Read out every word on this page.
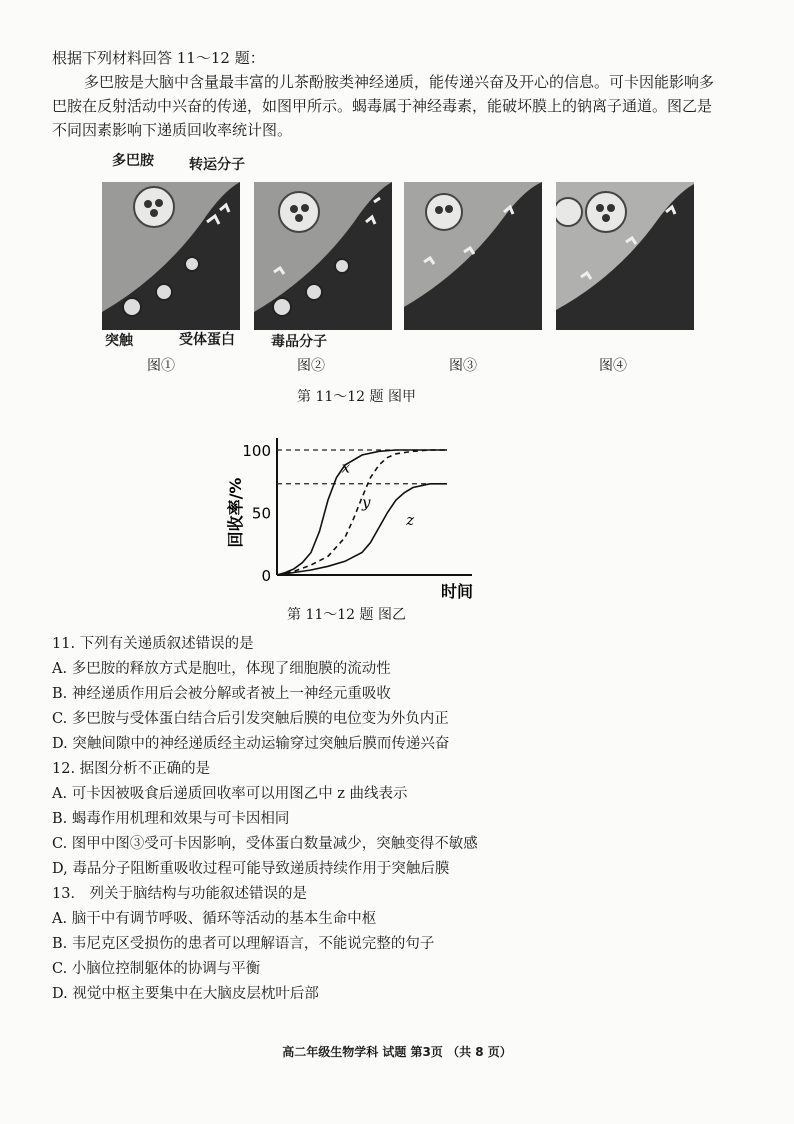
根据下列材料回答 11～12 题：
多巴胺是大脑中含量最丰富的儿茶酚胺类神经递质，能传递兴奋及开心的信息。可卡因能影响多
巴胺在反射活动中兴奋的传递，如图甲所示。蝎毒属于神经毒素，能破坏膜上的钠离子通道。图乙是
不同因素影响下递质回收率统计图。
多巴胺	转运分子
突触	受体蛋白	毒品分子
图①	图②	图③	图④
第 11～12 题 图甲
0
50
100
回收率/%
时间
x
y
z
第 11～12 题 图乙
11. 下列有关递质叙述错误的是
A. 多巴胺的释放方式是胞吐，体现了细胞膜的流动性
B. 神经递质作用后会被分解或者被上一神经元重吸收
C. 多巴胺与受体蛋白结合后引发突触后膜的电位变为外负内正
D. 突触间隙中的神经递质经主动运输穿过突触后膜而传递兴奋
12. 据图分析不正确的是
A. 可卡因被吸食后递质回收率可以用图乙中 z 曲线表示
B. 蝎毒作用机理和效果与可卡因相同
C. 图甲中图③受可卡因影响，受体蛋白数量减少，突触变得不敏感
D, 毒品分子阻断重吸收过程可能导致递质持续作用于突触后膜
13． 列关于脑结构与功能叙述错误的是
A. 脑干中有调节呼吸、循环等活动的基本生命中枢
B. 韦尼克区受损伤的患者可以理解语言，不能说完整的句子
C. 小脑位控制躯体的协调与平衡
D. 视觉中枢主要集中在大脑皮层枕叶后部
高二年级生物学科 试题 第3页 （共 8 页）
